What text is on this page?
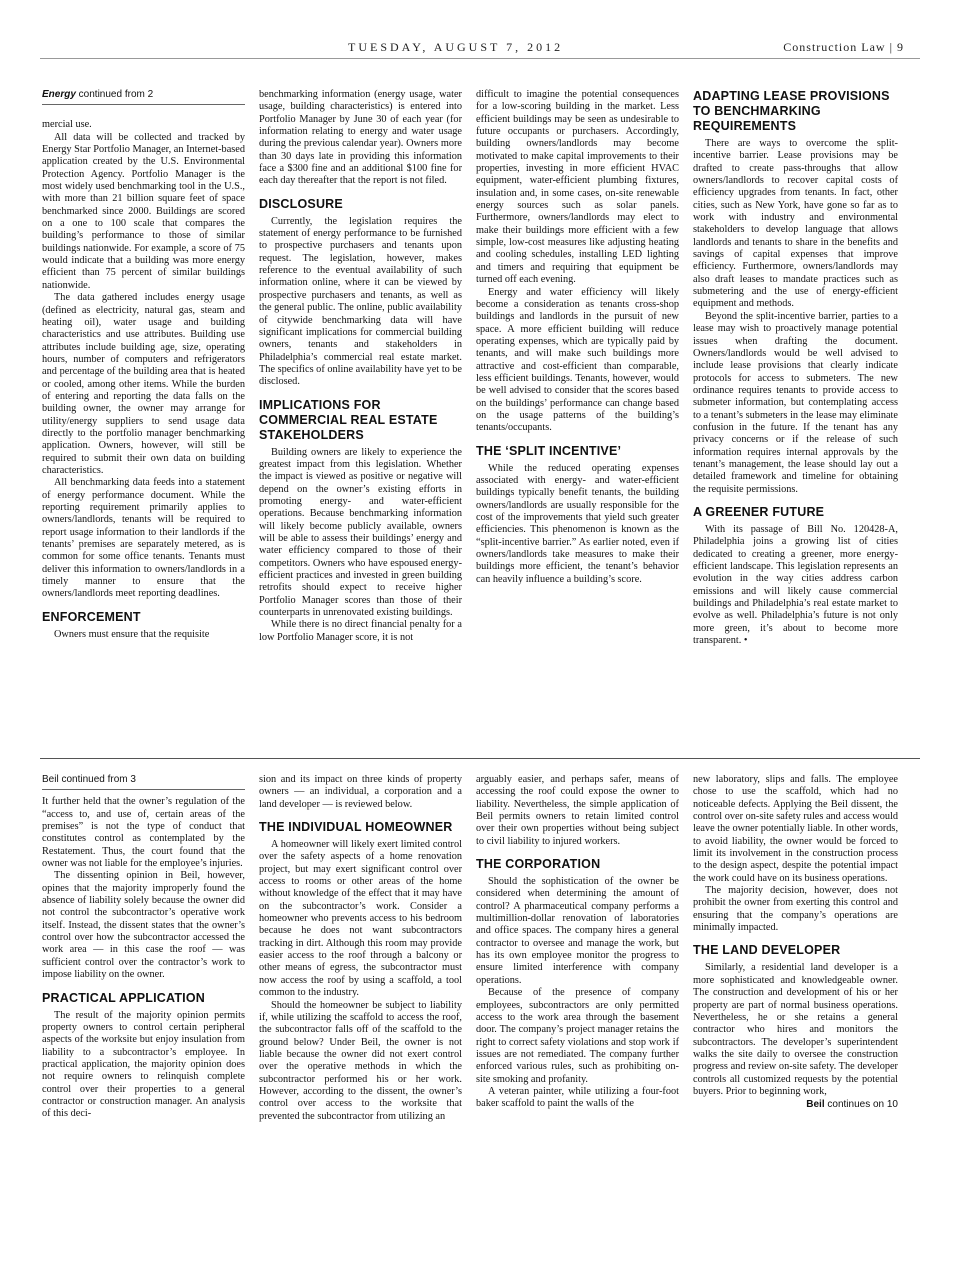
TUESDAY, AUGUST 7, 2012	Construction Law | 9
Energy continued from 2

mercial use.

All data will be collected and tracked by Energy Star Portfolio Manager, an Internet-based application created by the U.S. Environmental Protection Agency. Portfolio Manager is the most widely used benchmarking tool in the U.S., with more than 21 billion square feet of space benchmarked since 2000. Buildings are scored on a one to 100 scale that compares the building’s performance to those of similar buildings nationwide. For example, a score of 75 would indicate that a building was more energy efficient than 75 percent of similar buildings nationwide.

The data gathered includes energy usage (defined as electricity, natural gas, steam and heating oil), water usage and building characteristics and use attributes. Building use attributes include building age, size, operating hours, number of computers and refrigerators and percentage of the building area that is heated or cooled, among other items. While the burden of entering and reporting the data falls on the building owner, the owner may arrange for utility/energy suppliers to send usage data directly to the portfolio manager benchmarking application. Owners, however, will still be required to submit their own data on building characteristics.

All benchmarking data feeds into a statement of energy performance document. While the reporting requirement primarily applies to owners/landlords, tenants will be required to report usage information to their landlords if the tenants’ premises are separately metered, as is common for some office tenants. Tenants must deliver this information to owners/landlords in a timely manner to ensure that the owners/landlords meet reporting deadlines.

ENFORCEMENT

Owners must ensure that the requisite

benchmarking information (energy usage, water usage, building characteristics) is entered into Portfolio Manager by June 30 of each year (for information relating to energy and water usage during the previous calendar year). Owners more than 30 days late in providing this information face a $300 fine and an additional $100 fine for each day thereafter that the report is not filed.

DISCLOSURE

Currently, the legislation requires the statement of energy performance to be furnished to prospective purchasers and tenants upon request. The legislation, however, makes reference to the eventual availability of such information online, where it can be viewed by prospective purchasers and tenants, as well as the general public. The online, public availability of citywide benchmarking data will have significant implications for commercial building owners, tenants and stakeholders in Philadelphia’s commercial real estate market. The specifics of online availability have yet to be disclosed.

IMPLICATIONS FOR COMMERCIAL REAL ESTATE STAKEHOLDERS

Building owners are likely to experience the greatest impact from this legislation. Whether the impact is viewed as positive or negative will depend on the owner’s existing efforts in promoting energy- and water-efficient operations. Because benchmarking information will likely become publicly available, owners will be able to assess their buildings’ energy and water efficiency compared to those of their competitors. Owners who have espoused energy-efficient practices and invested in green building retrofits should expect to receive higher Portfolio Manager scores than those of their counterparts in unrenovated existing buildings.

While there is no direct financial penalty for a low Portfolio Manager score, it is not

difficult to imagine the potential consequences for a low-scoring building in the market. Less efficient buildings may be seen as undesirable to future occupants or purchasers. Accordingly, building owners/landlords may become motivated to make capital improvements to their properties, investing in more efficient HVAC equipment, water-efficient plumbing fixtures, insulation and, in some cases, on-site renewable energy sources such as solar panels. Furthermore, owners/landlords may elect to make their buildings more efficient with a few simple, low-cost measures like adjusting heating and cooling schedules, installing LED lighting and timers and requiring that equipment be turned off each evening.

Energy and water efficiency will likely become a consideration as tenants cross-shop buildings and landlords in the pursuit of new space. A more efficient building will reduce operating expenses, which are typically paid by tenants, and will make such buildings more attractive and cost-efficient than comparable, less efficient buildings. Tenants, however, would be well advised to consider that the scores based on the buildings’ performance can change based on the usage patterns of the building’s tenants/occupants.

THE ‘SPLIT INCENTIVE’

While the reduced operating expenses associated with energy- and water-efficient buildings typically benefit tenants, the building owners/landlords are usually responsible for the cost of the improvements that yield such greater efficiencies. This phenomenon is known as the “split-incentive barrier.” As earlier noted, even if owners/landlords take measures to make their buildings more efficient, the tenant’s behavior can heavily influence a building’s score.

ADAPTING LEASE PROVISIONS TO BENCHMARKING REQUIREMENTS

There are ways to overcome the split-incentive barrier. Lease provisions may be drafted to create pass-throughs that allow owners/landlords to recover capital costs of efficiency upgrades from tenants. In fact, other cities, such as New York, have gone so far as to work with industry and environmental stakeholders to develop language that allows landlords and tenants to share in the benefits and savings of capital expenses that improve efficiency. Furthermore, owners/landlords may also draft leases to mandate practices such as submetering and the use of energy-efficient equipment and methods.

Beyond the split-incentive barrier, parties to a lease may wish to proactively manage potential issues when drafting the document. Owners/landlords would be well advised to include lease provisions that clearly indicate protocols for access to submeters. The new ordinance requires tenants to provide access to submeter information, but contemplating access to a tenant’s submeters in the lease may eliminate confusion in the future. If the tenant has any privacy concerns or if the release of such information requires internal approvals by the tenant’s management, the lease should lay out a detailed framework and timeline for obtaining the requisite permissions.

A GREENER FUTURE

With its passage of Bill No. 120428-A, Philadelphia joins a growing list of cities dedicated to creating a greener, more energy-efficient landscape. This legislation represents an evolution in the way cities address carbon emissions and will likely cause commercial buildings and Philadelphia’s real estate market to evolve as well. Philadelphia’s future is not only more green, it’s about to become more transparent. •

Beil continued from 3

It further held that the owner’s regulation of the “access to, and use of, certain areas of the premises” is not the type of conduct that constitutes control as contemplated by the Restatement. Thus, the court found that the owner was not liable for the employee’s injuries.

The dissenting opinion in Beil, however, opines that the majority improperly found the absence of liability solely because the owner did not control the subcontractor’s operative work itself. Instead, the dissent states that the owner’s control over how the subcontractor accessed the work area — in this case the roof — was sufficient control over the contractor’s work to impose liability on the owner.

PRACTICAL APPLICATION

The result of the majority opinion permits property owners to control certain peripheral aspects of the worksite but enjoy insulation from liability to a subcontractor’s employee. In practical application, the majority opinion does not require owners to relinquish complete control over their properties to a general contractor or construction manager. An analysis of this deci-

sion and its impact on three kinds of property owners — an individual, a corporation and a land developer — is reviewed below.

THE INDIVIDUAL HOMEOWNER

A homeowner will likely exert limited control over the safety aspects of a home renovation project, but may exert significant control over access to rooms or other areas of the home without knowledge of the effect that it may have on the subcontractor’s work. Consider a homeowner who prevents access to his bedroom because he does not want subcontractors tracking in dirt. Although this room may provide easier access to the roof through a balcony or other means of egress, the subcontractor must now access the roof by using a scaffold, a tool common to the industry.

Should the homeowner be subject to liability if, while utilizing the scaffold to access the roof, the subcontractor falls off of the scaffold to the ground below? Under Beil, the owner is not liable because the owner did not exert control over the operative methods in which the subcontractor performed his or her work. However, according to the dissent, the owner’s control over access to the worksite that prevented the subcontractor from utilizing an

arguably easier, and perhaps safer, means of accessing the roof could expose the owner to liability. Nevertheless, the simple application of Beil permits owners to retain limited control over their own properties without being subject to civil liability to injured workers.

THE CORPORATION

Should the sophistication of the owner be considered when determining the amount of control? A pharmaceutical company performs a multimillion-dollar renovation of laboratories and office spaces. The company hires a general contractor to oversee and manage the work, but has its own employee monitor the progress to ensure limited interference with company operations.

Because of the presence of company employees, subcontractors are only permitted access to the work area through the basement door. The company’s project manager retains the right to correct safety violations and stop work if issues are not remediated. The company further enforced various rules, such as prohibiting on-site smoking and profanity.

A veteran painter, while utilizing a four-foot baker scaffold to paint the walls of the

new laboratory, slips and falls. The employee chose to use the scaffold, which had no noticeable defects. Applying the Beil dissent, the control over on-site safety rules and access would leave the owner potentially liable. In other words, to avoid liability, the owner would be forced to limit its involvement in the construction process to the design aspect, despite the potential impact the work could have on its business operations.

The majority decision, however, does not prohibit the owner from exerting this control and ensuring that the company’s operations are minimally impacted.

THE LAND DEVELOPER

Similarly, a residential land developer is a more sophisticated and knowledgeable owner. The construction and development of his or her property are part of normal business operations. Nevertheless, he or she retains a general contractor who hires and monitors the subcontractors. The developer’s superintendent walks the site daily to oversee the construction progress and review on-site safety. The developer controls all customized requests by the potential buyers. Prior to beginning work,

Beil continues on 10
